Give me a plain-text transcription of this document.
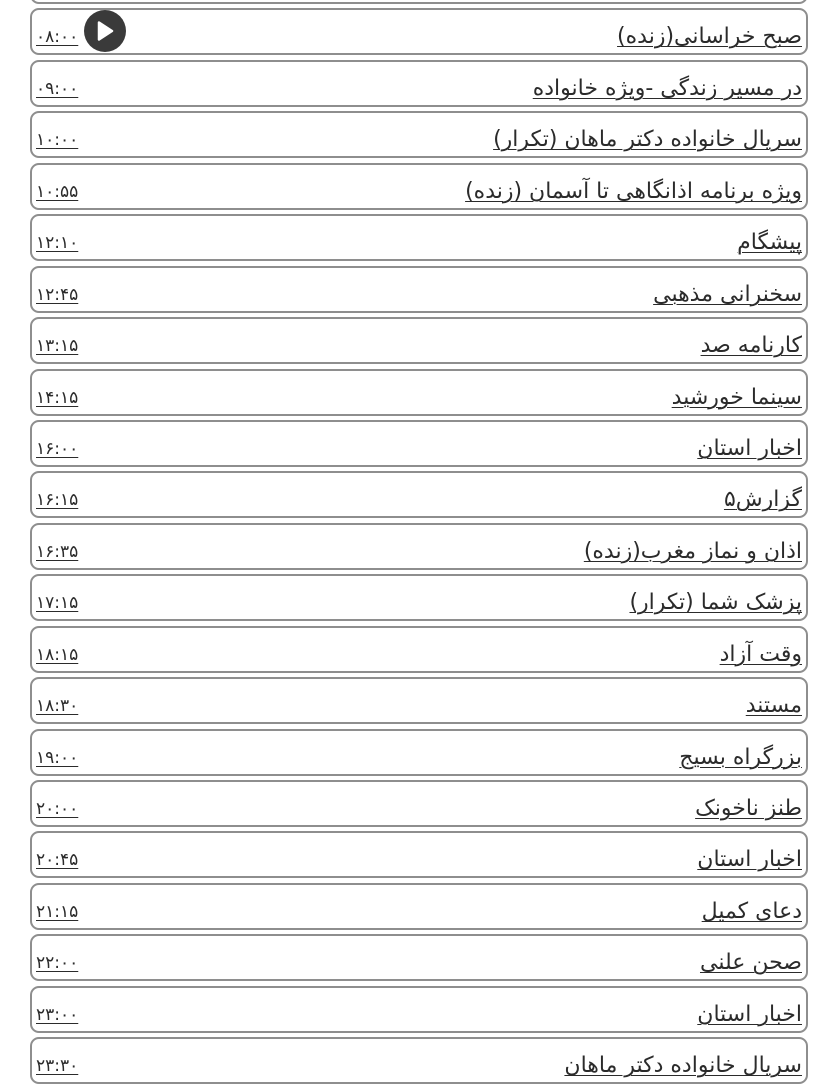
۰۸:۰۰	صبح خراسانی(زنده)
۰۹:۰۰	در مسیر زندگی -ویژه خانواده
۱۰:۰۰	سریال خانواده دکتر ماهان (تکرار)
۱۰:۵۵	ویژه برنامه اذانگاهی تا آسمان (زنده)
۱۲:۱۰	پیشگام
۱۲:۴۵	سخنرانی مذهبی
۱۳:۱۵	کارنامه صد
۱۴:۱۵	سینما خورشید
۱۶:۰۰	اخبار استان
۱۶:۱۵	گزارش۵
۱۶:۳۵	اذان و نماز مغرب(زنده)
۱۷:۱۵	پزشک شما (تکرار)
۱۸:۱۵	وقت آزاد
۱۸:۳۰	مستند
۱۹:۰۰	بزرگراه بسیج
۲۰:۰۰	طنز ناخونک
۲۰:۴۵	اخبار استان
۲۱:۱۵	دعای کمیل
۲۲:۰۰	صحن علنی
۲۳:۰۰	اخبار استان
۲۳:۳۰	سریال خانواده دکتر ماهان
